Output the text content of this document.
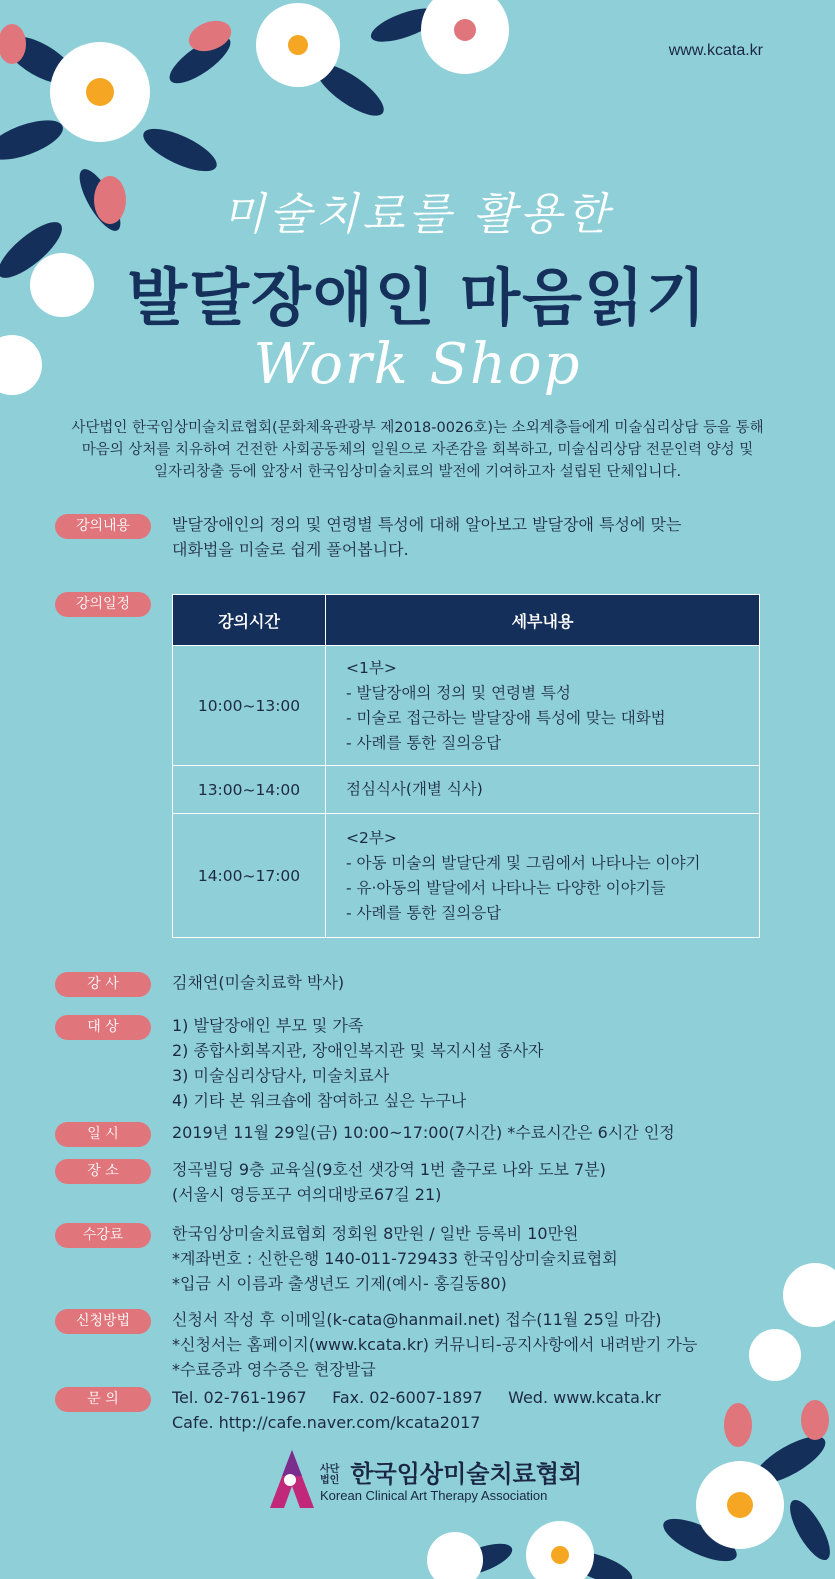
www.kcata.kr
미술치료를 활용한
발달장애인 마음읽기
Work Shop
사단법인 한국임상미술치료협회(문화체육관광부 제2018-0026호)는 소외계층들에게 미술심리상담 등을 통해
마음의 상처를 치유하여 건전한 사회공동체의 일원으로 자존감을 회복하고, 미술심리상담 전문인력 양성 및
일자리창출 등에 앞장서 한국임상미술치료의 발전에 기여하고자 설립된 단체입니다.
강의내용	발달장애인의 정의 및 연령별 특성에 대해 알아보고 발달장애 특성에 맞는
대화법을 미술로 쉽게 풀어봅니다.
강의일정
강의시간	세부내용
10:00~13:00	<1부>
- 발달장애의 정의 및 연령별 특성
- 미술로 접근하는 발달장애 특성에 맞는 대화법
- 사례를 통한 질의응답

13:00~14:00	점심식사(개별 식사)

14:00~17:00	<2부>
- 아동 미술의 발달단계 및 그림에서 나타나는 이야기
- 유·아동의 발달에서 나타나는 다양한 이야기들
- 사례를 통한 질의응답
강 사	김채연(미술치료학 박사)
대 상	1) 발달장애인 부모 및 가족
2) 종합사회복지관, 장애인복지관 및 복지시설 종사자
3) 미술심리상담사, 미술치료사
4) 기타 본 워크숍에 참여하고 싶은 누구나
일 시	2019년 11월 29일(금) 10:00~17:00(7시간) *수료시간은 6시간 인정
장 소	정곡빌딩 9층 교육실(9호선 샛강역 1번 출구로 나와 도보 7분)
(서울시 영등포구 여의대방로67길 21)
수강료	한국임상미술치료협회 정회원 8만원 / 일반 등록비 10만원
*계좌번호 : 신한은행 140-011-729433 한국임상미술치료협회
*입금 시 이름과 출생년도 기제(예시- 홍길동80)
신청방법	신청서 작성 후 이메일(k-cata@hanmail.net) 접수(11월 25일 마감)
*신청서는 홈페이지(www.kcata.kr) 커뮤니티-공지사항에서 내려받기 가능
*수료증과 영수증은 현장발급
문 의	Tel. 02-761-1967     Fax. 02-6007-1897     Wed. www.kcata.kr
Cafe. http://cafe.naver.com/kcata2017
사단법인 한국임상미술치료협회
Korean Clinical Art Therapy Association
